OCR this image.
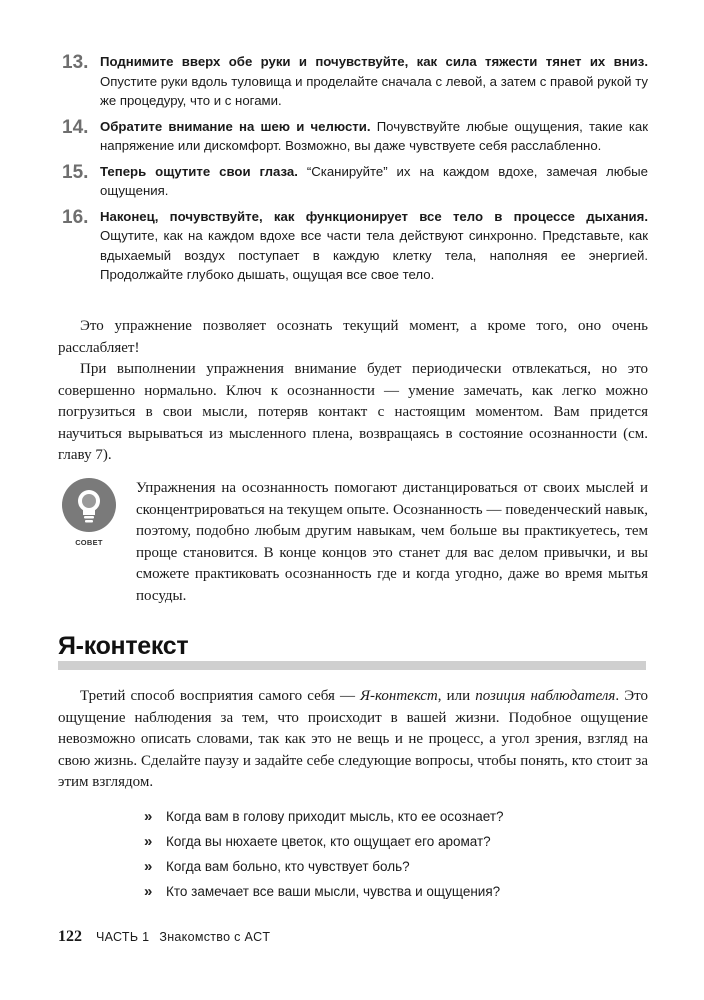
13. Поднимите вверх обе руки и почувствуйте, как сила тяжести тянет их вниз. Опустите руки вдоль туловища и проделайте сначала с левой, а затем с правой рукой ту же процедуру, что и с ногами.
14. Обратите внимание на шею и челюсти. Почувствуйте любые ощущения, такие как напряжение или дискомфорт. Возможно, вы даже чувствуете себя расслабленно.
15. Теперь ощутите свои глаза. “Сканируйте” их на каждом вдохе, замечая любые ощущения.
16. Наконец, почувствуйте, как функционирует все тело в процессе дыхания. Ощутите, как на каждом вдохе все части тела действуют синхронно. Представьте, как вдыхаемый воздух поступает в каждую клетку тела, наполняя ее энергией. Продолжайте глубоко дышать, ощущая все свое тело.

Это упражнение позволяет осознать текущий момент, а кроме того, оно очень расслабляет!

При выполнении упражнения внимание будет периодически отвлекаться, но это совершенно нормально. Ключ к осознанности — умение замечать, как легко можно погрузиться в свои мысли, потеряв контакт с настоящим моментом. Вам придется научиться вырываться из мысленного плена, возвращаясь в состояние осознанности (см. главу 7).

СОВЕТ

Упражнения на осознанность помогают дистанцироваться от своих мыслей и сконцентрироваться на текущем опыте. Осознанность — поведенческий навык, поэтому, подобно любым другим навыкам, чем больше вы практикуетесь, тем проще становится. В конце концов это станет для вас делом привычки, и вы сможете практиковать осознанность где и когда угодно, даже во время мытья посуды.

Я-контекст

Третий способ восприятия самого себя — Я-контекст, или позиция наблюдателя. Это ощущение наблюдения за тем, что происходит в вашей жизни. Подобное ощущение невозможно описать словами, так как это не вещь и не процесс, а угол зрения, взгляд на свою жизнь. Сделайте паузу и задайте себе следующие вопросы, чтобы понять, кто стоит за этим взглядом.

»	Когда вам в голову приходит мысль, кто ее осознает?
»	Когда вы нюхаете цветок, кто ощущает его аромат?
»	Когда вам больно, кто чувствует боль?
»	Кто замечает все ваши мысли, чувства и ощущения?
122 ЧАСТЬ 1 Знакомство с ACT
